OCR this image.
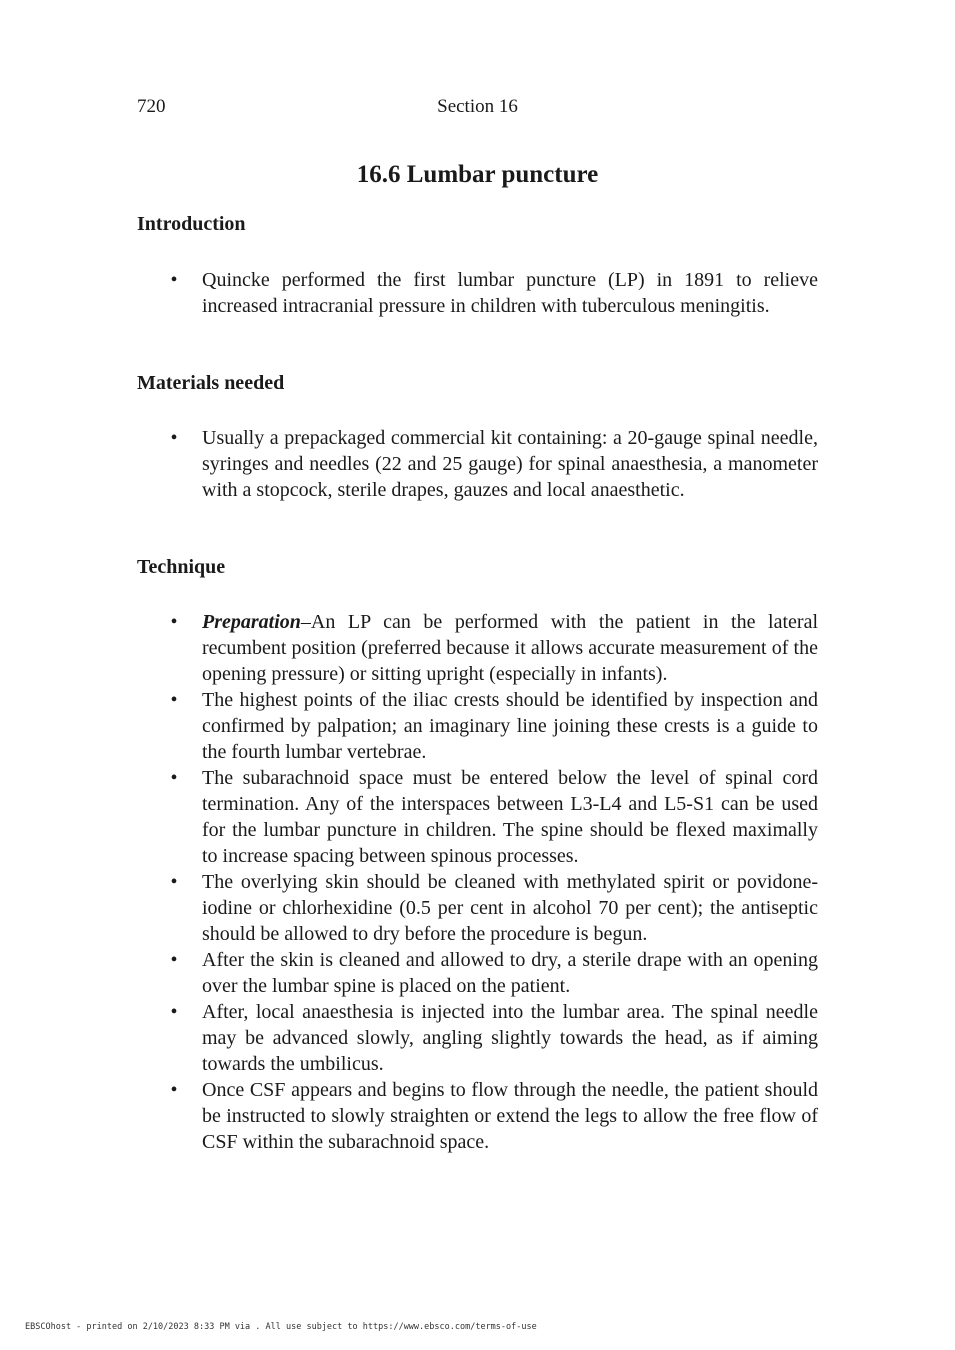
720	Section 16
16.6 Lumbar puncture
Introduction
• Quincke performed the first lumbar puncture (LP) in 1891 to relieve increased intracranial pressure in children with tuberculous meningitis.
Materials needed
• Usually a prepackaged commercial kit containing: a 20-gauge spinal needle, syringes and needles (22 and 25 gauge) for spinal anaesthesia, a manometer with a stopcock, sterile drapes, gauzes and local anaesthetic.
Technique
• Preparation–An LP can be performed with the patient in the lateral recumbent position (preferred because it allows accurate measurement of the opening pressure) or sitting upright (especially in infants).
• The highest points of the iliac crests should be identified by inspection and confirmed by palpation; an imaginary line joining these crests is a guide to the fourth lumbar vertebrae.
• The subarachnoid space must be entered below the level of spinal cord termination. Any of the interspaces between L3-L4 and L5-S1 can be used for the lumbar puncture in children. The spine should be flexed maximally to increase spacing between spinous processes.
• The overlying skin should be cleaned with methylated spirit or povidone-iodine or chlorhexidine (0.5 per cent in alcohol 70 per cent); the antiseptic should be allowed to dry before the procedure is begun.
• After the skin is cleaned and allowed to dry, a sterile drape with an opening over the lumbar spine is placed on the patient.
• After, local anaesthesia is injected into the lumbar area. The spinal needle may be advanced slowly, angling slightly towards the head, as if aiming towards the umbilicus.
• Once CSF appears and begins to flow through the needle, the patient should be instructed to slowly straighten or extend the legs to allow the free flow of CSF within the subarachnoid space.
EBSCOhost - printed on 2/10/2023 8:33 PM via . All use subject to https://www.ebsco.com/terms-of-use
